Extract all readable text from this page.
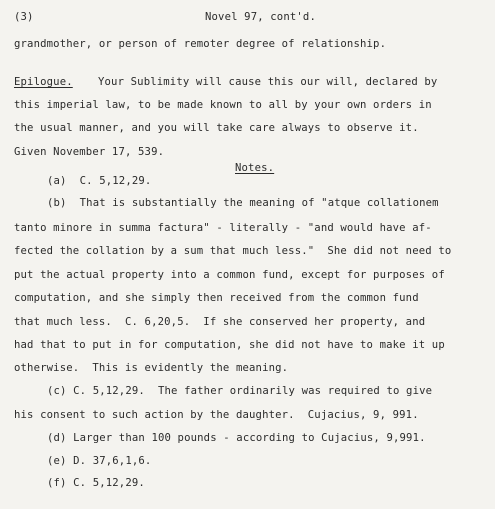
(3)	Novel 97, cont'd.
grandmother, or person of remoter degree of relationship.
Epilogue. Your Sublimity will cause this our will, declared by
this imperial law, to be made known to all by your own orders in
the usual manner, and you will take care always to observe it.
Given November 17, 539.
Notes.
(a)  C. 5,12,29.
(b)  That is substantially the meaning of "atque collationem
tanto minore in summa factura" - literally - "and would have af-
fected the collation by a sum that much less."  She did not need to
put the actual property into a common fund, except for purposes of
computation, and she simply then received from the common fund
that much less.  C. 6,20,5.  If she conserved her property, and
had that to put in for computation, she did not have to make it up
otherwise.  This is evidently the meaning.
(c) C. 5,12,29.  The father ordinarily was required to give
his consent to such action by the daughter.  Cujacius, 9, 991.
(d) Larger than 100 pounds - according to Cujacius, 9,991.
(e) D. 37,6,1,6.
(f) C. 5,12,29.
